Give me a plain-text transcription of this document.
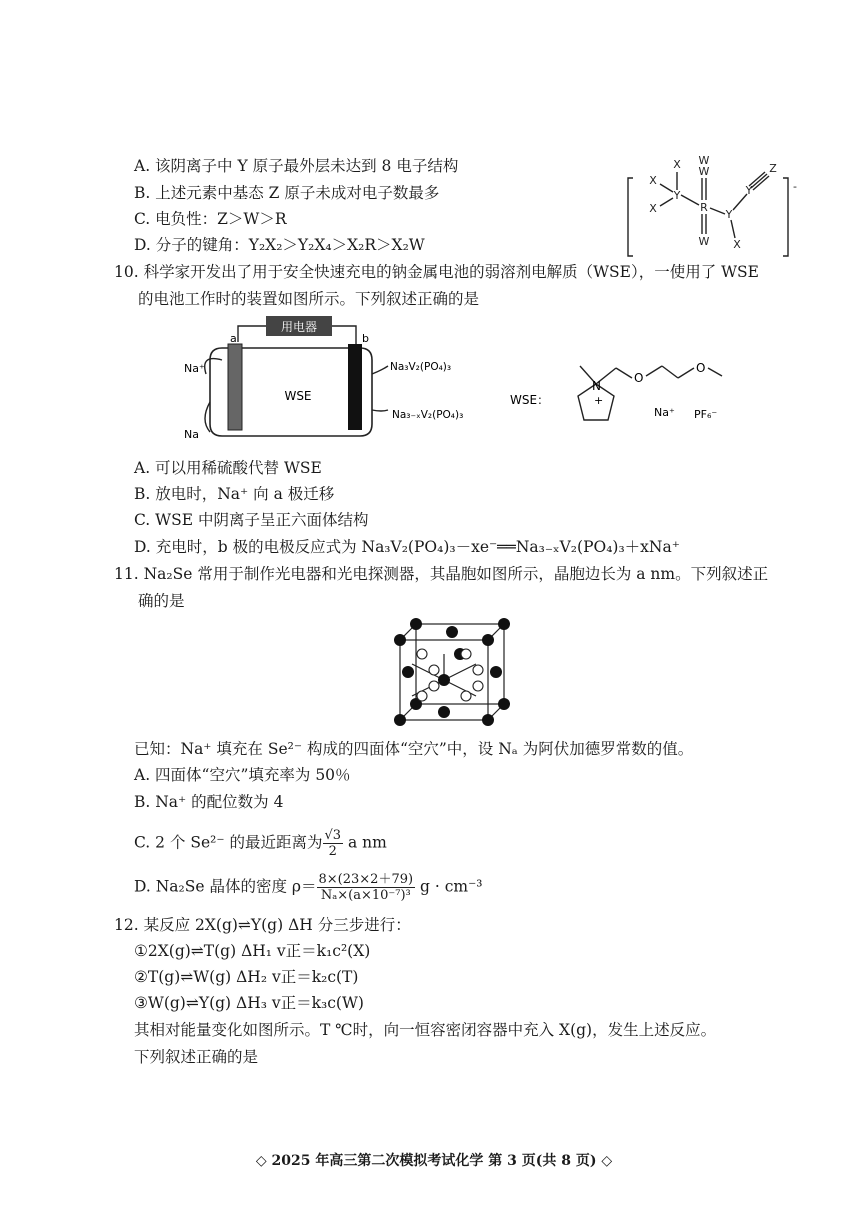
A. 该阴离子中 Y 原子最外层未达到 8 电子结构
B. 上述元素中基态 Z 原子未成对电子数最多
C. 电负性：Z＞W＞R
D. 分子的键角：Y₂X₂＞Y₂X₄＞X₂R＞X₂W
X
X
X
Y
W
W
R
W
Y
Y
Z
X
-
10. 科学家开发出了用于安全快速充电的钠金属电池的弱溶剂电解质（WSE），一使用了 WSE
的电池工作时的装置如图所示。下列叙述正确的是
用电器
a	b
Na⁺
Na
WSE
Na₃V₂(PO₄)₃
Na₃₋ₓV₂(PO₄)₃
WSE：
N
+
O
O
Na⁺ PF₆⁻
A. 可以用稀硫酸代替 WSE
B. 放电时，Na⁺ 向 a 极迁移
C. WSE 中阴离子呈正六面体结构
D. 充电时，b 极的电极反应式为 Na₃V₂(PO₄)₃－xe⁻══Na₃₋ₓV₂(PO₄)₃＋xNa⁺
11. Na₂Se 常用于制作光电器和光电探测器，其晶胞如图所示，晶胞边长为 a nm。下列叙述正
确的是
已知：Na⁺ 填充在 Se²⁻ 构成的四面体“空穴”中，设 Nₐ 为阿伏加德罗常数的值。
A. 四面体“空穴”填充率为 50％
B. Na⁺ 的配位数为 4
C. 2 个 Se²⁻ 的最近距离为 $\frac{√3}{2}$ a nm
D. Na₂Se 晶体的密度 $\rho= \frac{8\times(23\times 2+79)}{\text{Nₐ×(a×10⁻⁷)³}}$ g · cm⁻³
12. 某反应 2X(g)⇌Y(g) ΔH 分三步进行：
①2X(g)⇌T(g) ΔH₁ v正＝k₁c²(X)
②T(g)⇌W(g) ΔH₂ v正＝k₂c(T)
③W(g)⇌Y(g) ΔH₃ v正＝k₃c(W)
其相对能量变化如图所示。T ℃时，向一恒容密闭容器中充入 X(g)，发生上述反应。
下列叙述正确的是
◇ 2025 年高三第二次模拟考试化学 第 3 页(共 8 页) ◇
